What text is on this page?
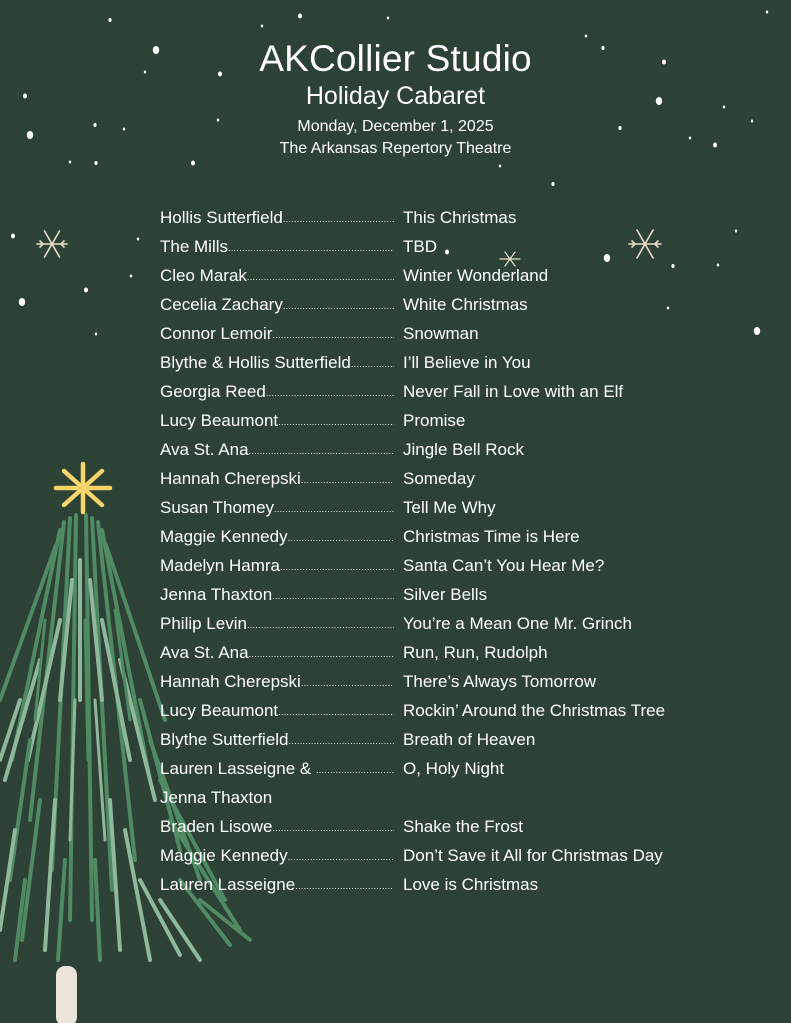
AKCollier Studio
Holiday Cabaret
Monday, December 1, 2025
The Arkansas Repertory Theatre
Hollis Sutterfield .....	This Christmas
The Mills .....	TBD
Cleo Marak .....	Winter Wonderland
Cecelia Zachary .....	White Christmas
Connor Lemoir .....	Snowman
Blythe & Hollis Sutterfield .....	I’ll Believe in You
Georgia Reed .....	Never Fall in Love with an Elf
Lucy Beaumont .....	Promise
Ava St. Ana .....	Jingle Bell Rock
Hannah Cherepski .....	Someday
Susan Thomey .....	Tell Me Why
Maggie Kennedy .....	Christmas Time is Here
Madelyn Hamra .....	Santa Can’t You Hear Me?
Jenna Thaxton .....	Silver Bells
Philip Levin .....	You’re a Mean One Mr. Grinch
Ava St. Ana .....	Run, Run, Rudolph
Hannah Cherepski .....	There’s Always Tomorrow
Lucy Beaumont .....	Rockin’ Around the Christmas Tree
Blythe Sutterfield .....	Breath of Heaven
Lauren Lasseigne & .....	O, Holy Night
Jenna Thaxton
Braden Lisowe .....	Shake the Frost
Maggie Kennedy .....	Don’t Save it All for Christmas Day
Lauren Lasseigne .....	Love is Christmas
